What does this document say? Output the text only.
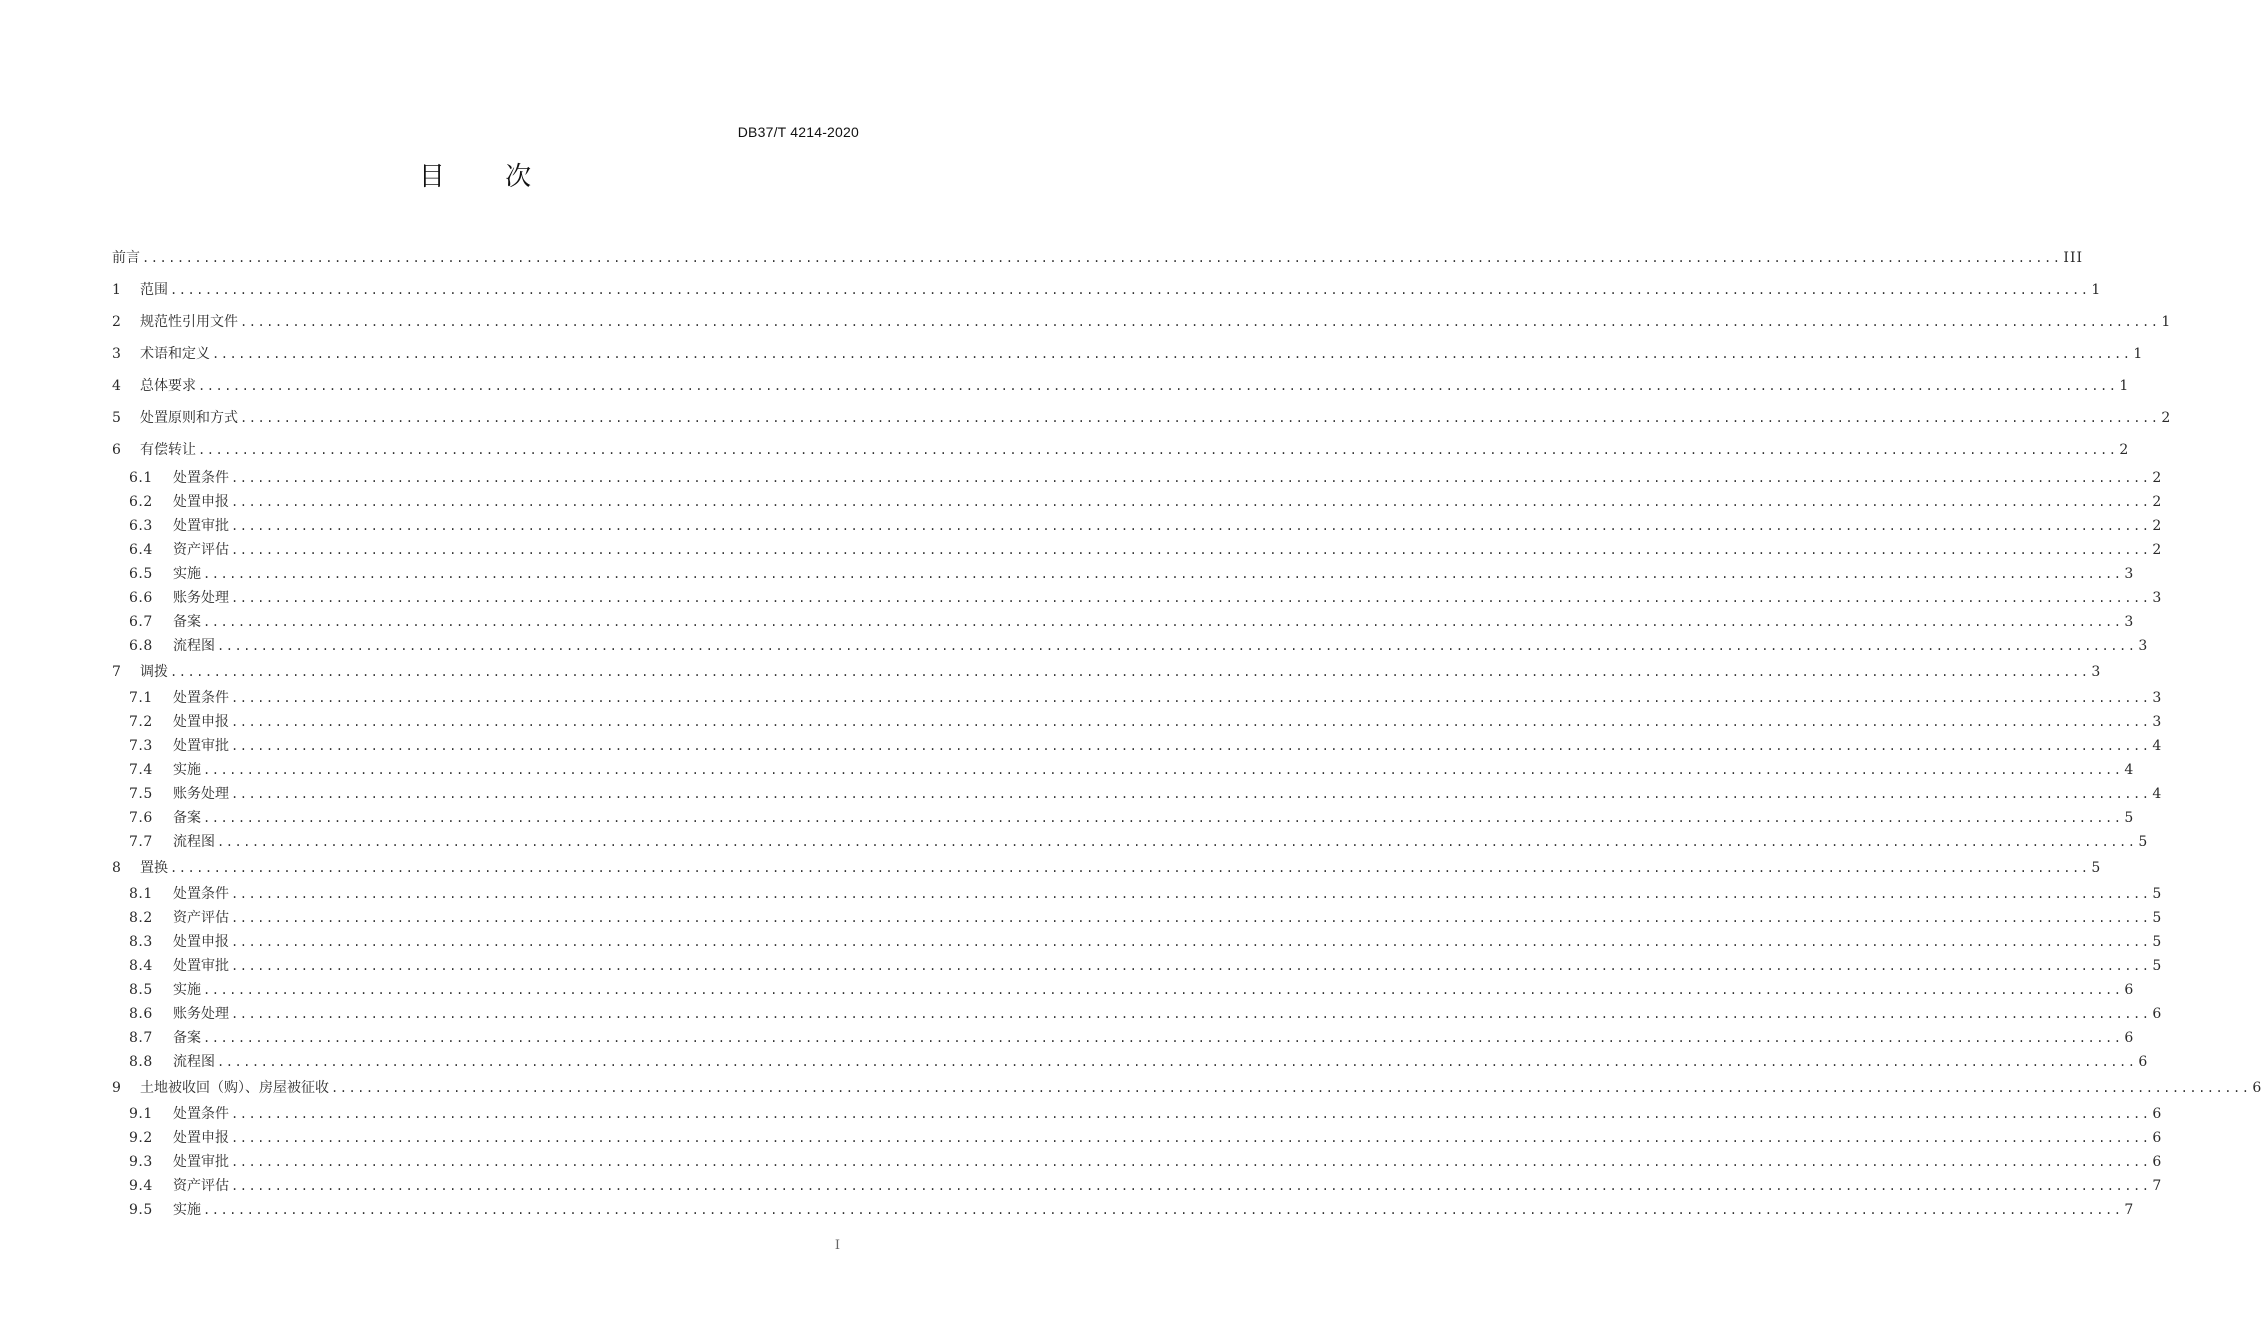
DB37/T 4214-2020
目 次
前言 ............................................................................................................................................................................................................................ III
1	范围 ............................................................................................................................................................................................................................ 1
2	规范性引用文件 ............................................................................................................................................................................................................................ 1
3	术语和定义 ............................................................................................................................................................................................................................ 1
4	总体要求 ............................................................................................................................................................................................................................ 1
5	处置原则和方式 ............................................................................................................................................................................................................................ 2
6	有偿转让 ............................................................................................................................................................................................................................ 2
6.1	处置条件 ............................................................................................................................................................................................................................ 2
6.2	处置申报 ............................................................................................................................................................................................................................ 2
6.3	处置审批 ............................................................................................................................................................................................................................ 2
6.4	资产评估 ............................................................................................................................................................................................................................ 2
6.5	实施 ............................................................................................................................................................................................................................ 3
6.6	账务处理 ............................................................................................................................................................................................................................ 3
6.7	备案 ............................................................................................................................................................................................................................ 3
6.8	流程图 ............................................................................................................................................................................................................................ 3
7	调拨 ............................................................................................................................................................................................................................ 3
7.1	处置条件 ............................................................................................................................................................................................................................ 3
7.2	处置申报 ............................................................................................................................................................................................................................ 3
7.3	处置审批 ............................................................................................................................................................................................................................ 4
7.4	实施 ............................................................................................................................................................................................................................ 4
7.5	账务处理 ............................................................................................................................................................................................................................ 4
7.6	备案 ............................................................................................................................................................................................................................ 5
7.7	流程图 ............................................................................................................................................................................................................................ 5
8	置换 ............................................................................................................................................................................................................................ 5
8.1	处置条件 ............................................................................................................................................................................................................................ 5
8.2	资产评估 ............................................................................................................................................................................................................................ 5
8.3	处置申报 ............................................................................................................................................................................................................................ 5
8.4	处置审批 ............................................................................................................................................................................................................................ 5
8.5	实施 ............................................................................................................................................................................................................................ 6
8.6	账务处理 ............................................................................................................................................................................................................................ 6
8.7	备案 ............................................................................................................................................................................................................................ 6
8.8	流程图 ............................................................................................................................................................................................................................ 6
9	土地被收回（购）、房屋被征收 ............................................................................................................................................................................................................................ 6
9.1	处置条件 ............................................................................................................................................................................................................................ 6
9.2	处置申报 ............................................................................................................................................................................................................................ 6
9.3	处置审批 ............................................................................................................................................................................................................................ 6
9.4	资产评估 ............................................................................................................................................................................................................................ 7
9.5	实施 ............................................................................................................................................................................................................................ 7
I
